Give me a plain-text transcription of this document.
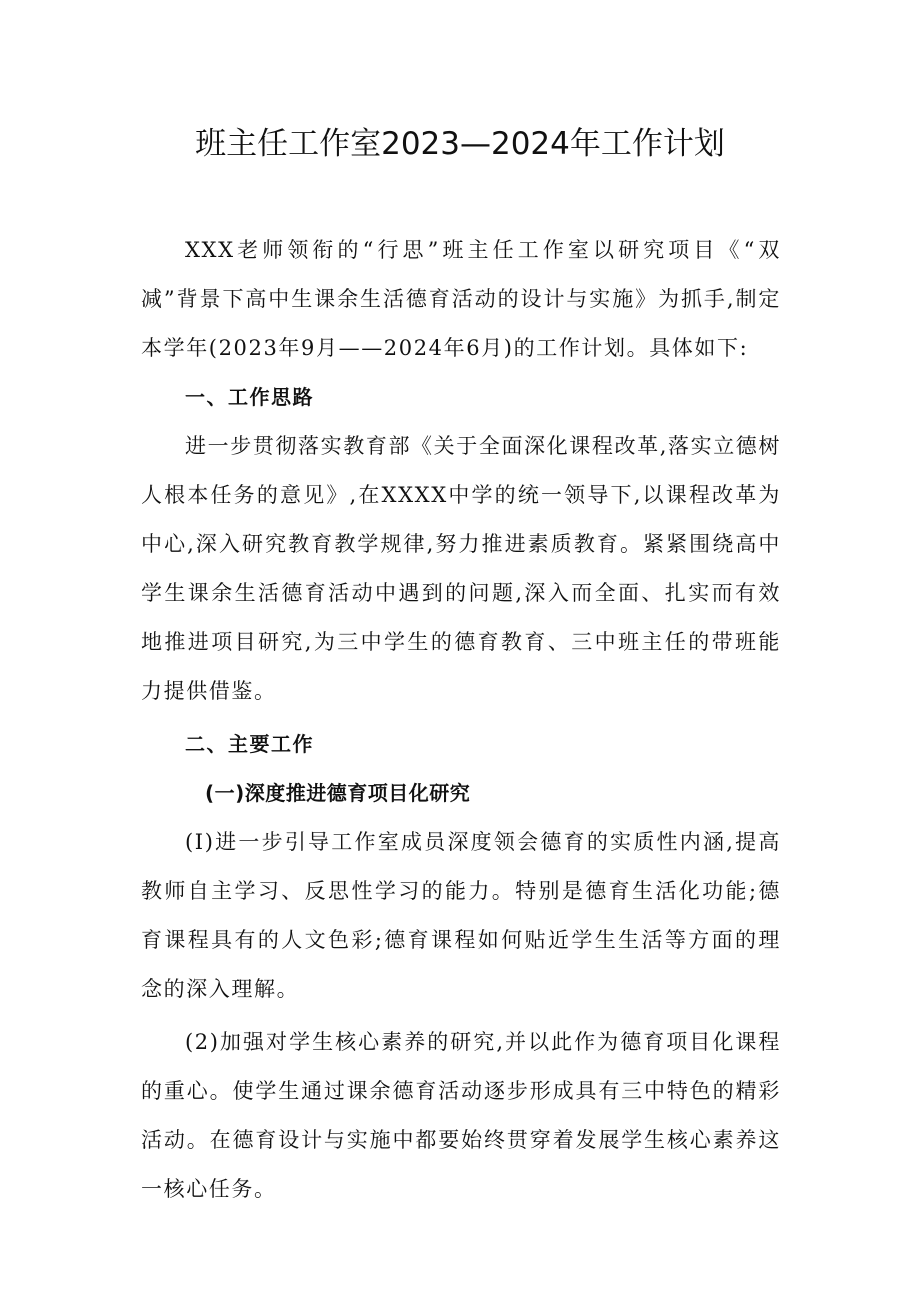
班主任工作室2023—2024年工作计划

XXX老师领衔的“行思”班主任工作室以研究项目《“双减”背景下高中生课余生活德育活动的设计与实施》为抓手,制定本学年(2023年9月——2024年6月)的工作计划。具体如下:

一、工作思路

进一步贯彻落实教育部《关于全面深化课程改革,落实立德树人根本任务的意见》,在XXXX中学的统一领导下,以课程改革为中心,深入研究教育教学规律,努力推进素质教育。紧紧围绕高中学生课余生活德育活动中遇到的问题,深入而全面、扎实而有效地推进项目研究,为三中学生的德育教育、三中班主任的带班能力提供借鉴。

二、主要工作

(一)深度推进德育项目化研究

(I)进一步引导工作室成员深度领会德育的实质性内涵,提高教师自主学习、反思性学习的能力。特别是德育生活化功能;德育课程具有的人文色彩;德育课程如何贴近学生生活等方面的理念的深入理解。

(2)加强对学生核心素养的研究,并以此作为德育项目化课程的重心。使学生通过课余德育活动逐步形成具有三中特色的精彩活动。在德育设计与实施中都要始终贯穿着发展学生核心素养这一核心任务。
